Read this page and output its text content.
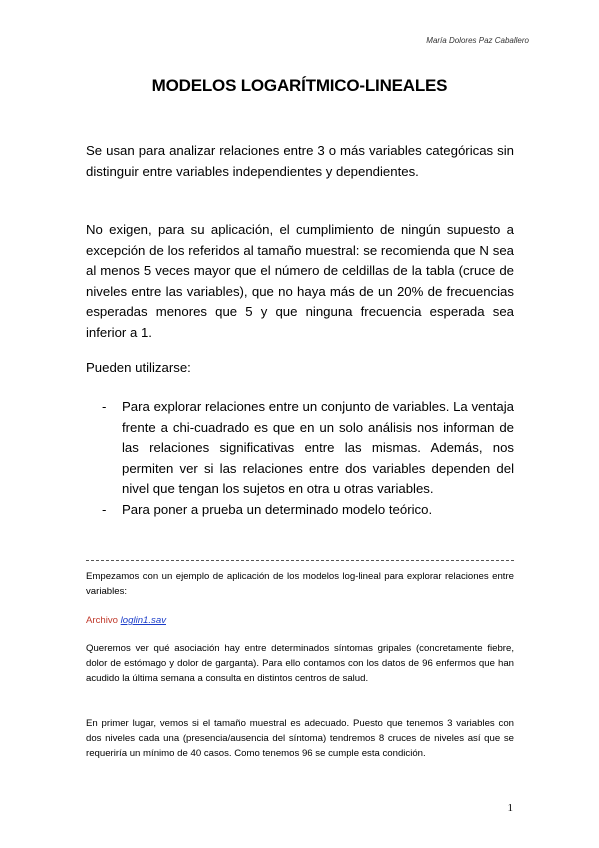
María Dolores Paz Caballero
MODELOS LOGARÍTMICO-LINEALES

Se usan para analizar relaciones entre 3 o más variables categóricas sin distinguir entre variables independientes y dependientes.

No exigen, para su aplicación, el cumplimiento de ningún supuesto a excepción de los referidos al tamaño muestral: se recomienda que N sea al menos 5 veces mayor que el número de celdillas de la tabla (cruce de niveles entre las variables), que no haya más de un 20% de frecuencias esperadas menores que 5 y que ninguna frecuencia esperada sea inferior a 1.

Pueden utilizarse:

- Para explorar relaciones entre un conjunto de variables. La ventaja frente a chi-cuadrado es que en un solo análisis nos informan de las relaciones significativas entre las mismas. Además, nos permiten ver si las relaciones entre dos variables dependen del nivel que tengan los sujetos en otra u otras variables.
- Para poner a prueba un determinado modelo teórico.

Empezamos con un ejemplo de aplicación de los modelos log-lineal para explorar relaciones entre variables:

Archivo loglin1.sav

Queremos ver qué asociación hay entre determinados síntomas gripales (concretamente fiebre, dolor de estómago y dolor de garganta). Para ello contamos con los datos de 96 enfermos que han acudido la última semana a consulta en distintos centros de salud.

En primer lugar, vemos si el tamaño muestral es adecuado. Puesto que tenemos 3 variables con dos niveles cada una (presencia/ausencia del síntoma) tendremos 8 cruces de niveles así que se requeriría un mínimo de 40 casos. Como tenemos 96 se cumple esta condición.

1
